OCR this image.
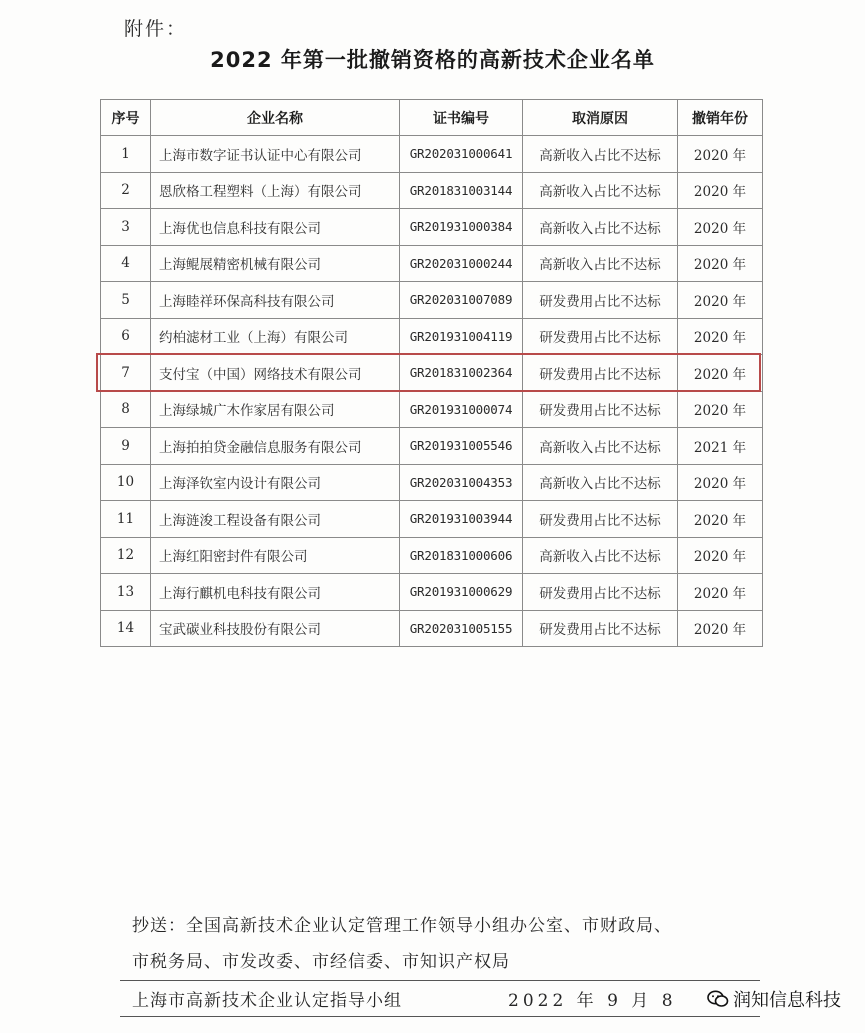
附件：
2022 年第一批撤销资格的高新技术企业名单
序号	企业名称	证书编号	取消原因	撤销年份
1	上海市数字证书认证中心有限公司	GR202031000641	高新收入占比不达标	2020 年
2	恩欣格工程塑料（上海）有限公司	GR201831003144	高新收入占比不达标	2020 年
3	上海优也信息科技有限公司	GR201931000384	高新收入占比不达标	2020 年
4	上海鲲展精密机械有限公司	GR202031000244	高新收入占比不达标	2020 年
5	上海睦祥环保高科技有限公司	GR202031007089	研发费用占比不达标	2020 年
6	约柏滤材工业（上海）有限公司	GR201931004119	研发费用占比不达标	2020 年
7	支付宝（中国）网络技术有限公司	GR201831002364	研发费用占比不达标	2020 年
8	上海绿城广木作家居有限公司	GR201931000074	研发费用占比不达标	2020 年
9	上海拍拍贷金融信息服务有限公司	GR201931005546	高新收入占比不达标	2021 年
10	上海泽钦室内设计有限公司	GR202031004353	高新收入占比不达标	2020 年
11	上海涟浚工程设备有限公司	GR201931003944	研发费用占比不达标	2020 年
12	上海红阳密封件有限公司	GR201831000606	高新收入占比不达标	2020 年
13	上海行麒机电科技有限公司	GR201931000629	研发费用占比不达标	2020 年
14	宝武碳业科技股份有限公司	GR202031005155	研发费用占比不达标	2020 年
抄送：全国高新技术企业认定管理工作领导小组办公室、市财政局、
市税务局、市发改委、市经信委、市知识产权局
上海市高新技术企业认定指导小组	2022 年 9 月 8	润知信息科技
